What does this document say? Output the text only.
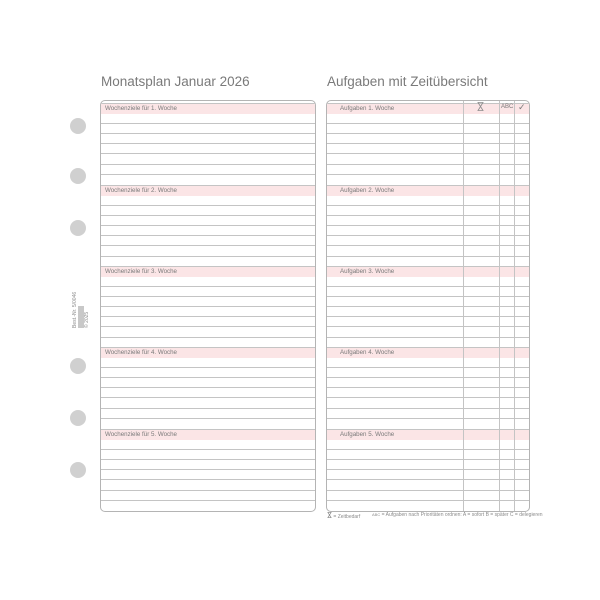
Best.-Nr. 5/0046
© 2025
Monatsplan Januar 2026	Aufgaben mit Zeitübersicht
Wochenziele für 1. Woche
Wochenziele für 2. Woche
Wochenziele für 3. Woche
Wochenziele für 4. Woche
Wochenziele für 5. Woche
Aufgaben 1. Woche
Aufgaben 2. Woche
Aufgaben 3. Woche
Aufgaben 4. Woche
Aufgaben 5. Woche
ABC ✓
= Zeitbedarf	ABC = Aufgaben nach Prioritäten ordnen: A = sofort B = später C = delegieren
